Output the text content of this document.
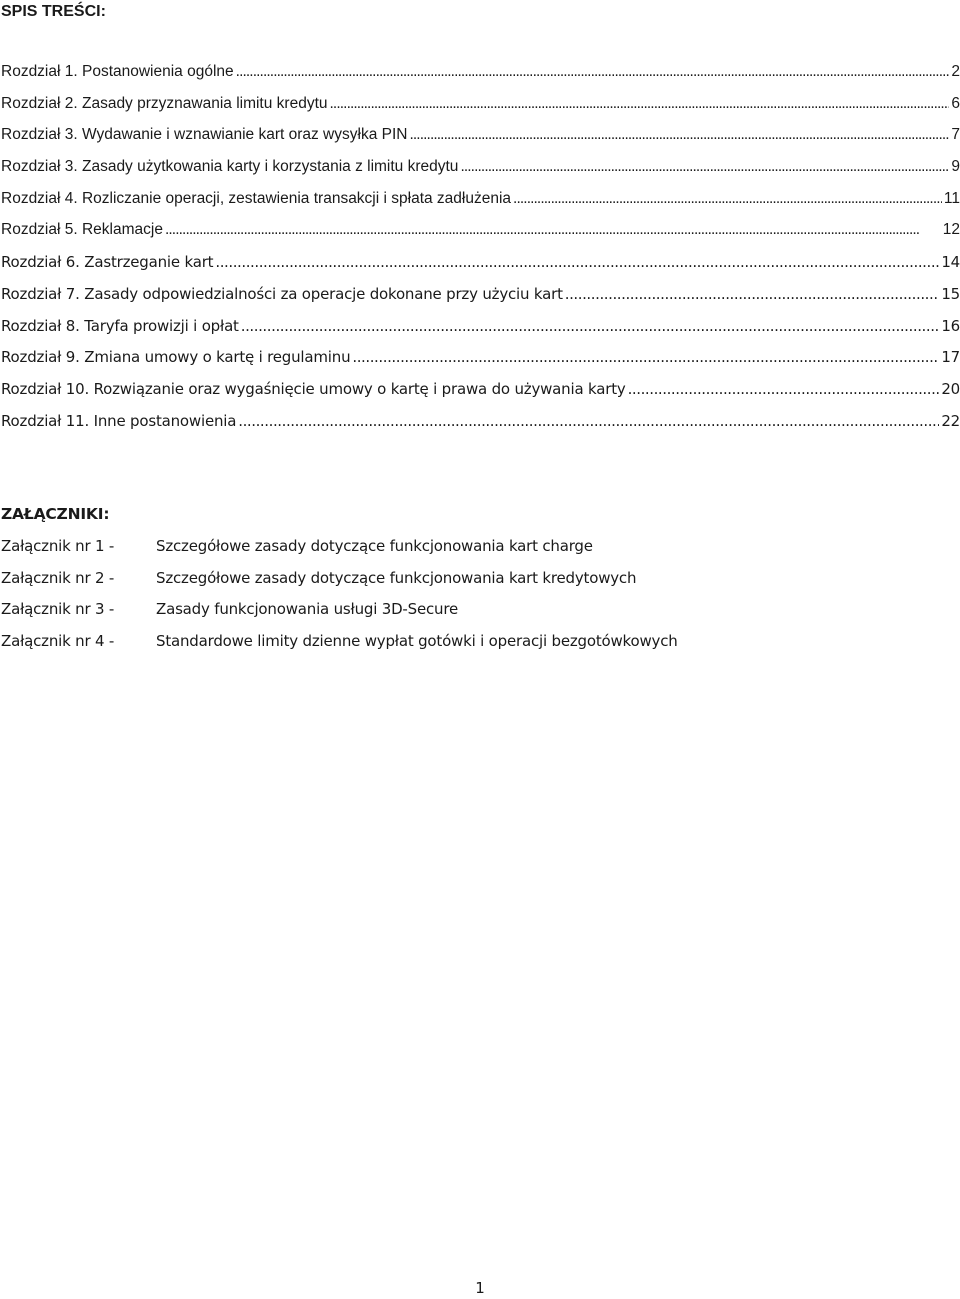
SPIS TREŚCI:
Rozdział 1. Postanowienia ogólne . . .	2
Rozdział 2. Zasady przyznawania limitu kredytu . . .	6
Rozdział 3. Wydawanie i wznawianie kart oraz wysyłka PIN . . .	7
Rozdział 3. Zasady użytkowania karty i korzystania z limitu kredytu . . .	9
Rozdział 4. Rozliczanie operacji, zestawienia transakcji i spłata zadłużenia . . .	11
Rozdział 5. Reklamacje . . .	12
Rozdział 6. Zastrzeganie kart . . .	14
Rozdział 7. Zasady odpowiedzialności za operacje dokonane przy użyciu kart . . .	15
Rozdział 8. Taryfa prowizji i opłat . . .	16
Rozdział 9. Zmiana umowy o kartę i regulaminu . . .	17
Rozdział 10. Rozwiązanie oraz wygaśnięcie umowy o kartę i prawa do używania karty . . .	20
Rozdział 11. Inne postanowienia . . .	22
ZAŁĄCZNIKI:
Załącznik nr 1 -	Szczegółowe zasady dotyczące funkcjonowania kart charge
Załącznik nr 2 -	Szczegółowe zasady dotyczące funkcjonowania kart kredytowych
Załącznik nr 3 -	Zasady funkcjonowania usługi 3D-Secure
Załącznik nr 4 -	Standardowe limity dzienne wypłat gotówki i operacji bezgotówkowych
1
